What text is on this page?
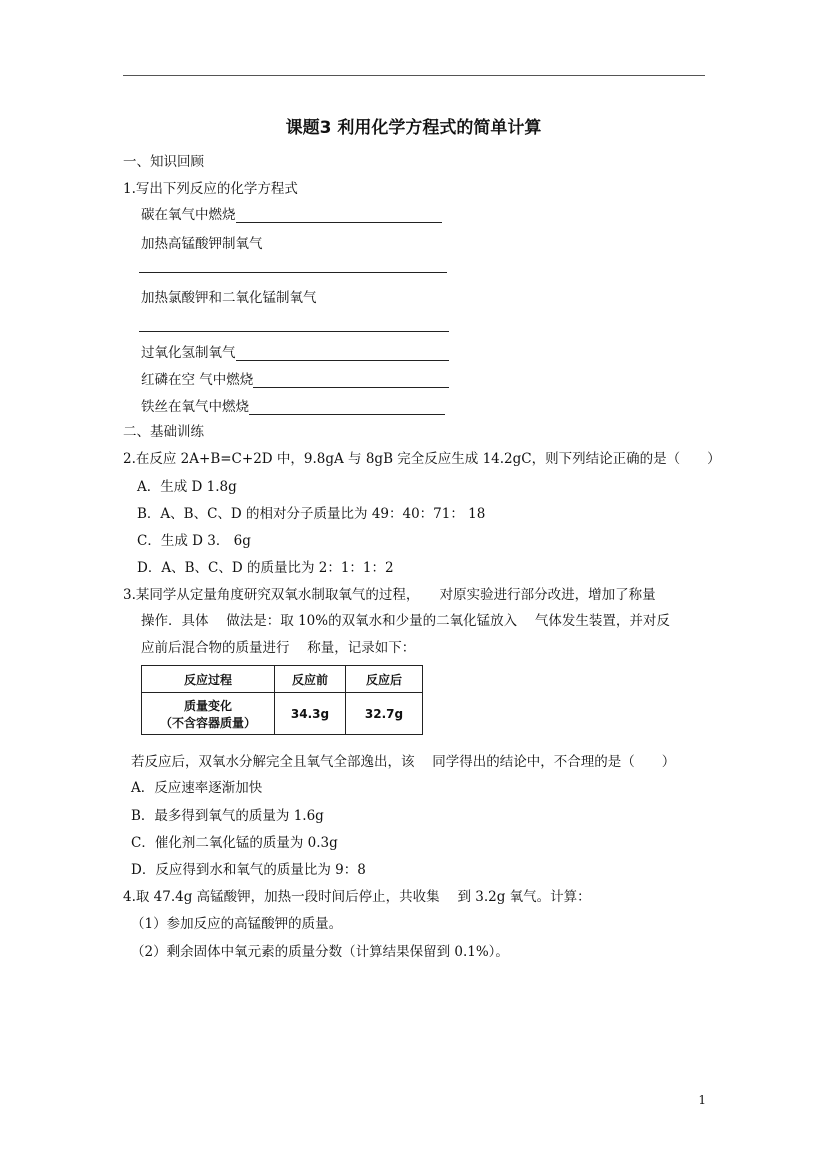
课题3 利用化学方程式的简单计算
一、知识回顾
1.写出下列反应的化学方程式
碳在氧气中燃烧
加热高锰酸钾制氧气
加热氯酸钾和二氧化锰制氧气
过氧化氢制氧气
红磷在空 气中燃烧
铁丝在氧气中燃烧
二、基础训练
2.在反应 2A+B=C+2D 中，9.8gA 与 8gB 完全反应生成 14.2gC，则下列结论正确的是（　　）
A．生成 D 1.8g
B．A、B、C、D 的相对分子质量比为 49：40：71： 18
C．生成 D 3． 6g
D．A、B、C、D 的质量比为 2：1：1：2
3.某同学从定量角度研究双氧水制取氧气的过程，　　对原实验进行部分改进，增加了称量
操作．具体　 做法是：取 10%的双氧水和少量的二氧化锰放入　 气体发生装置，并对反
应前后混合物的质量进行　 称量，记录如下：
反应过程	反应前	反应后

质量变化
（不含容器质量）	34.3g	32.7g
若反应后，双氧水分解完全且氧气全部逸出，该　 同学得出的结论中，不合理的是（　　）
A．反应速率逐渐加快
B．最多得到氧气的质量为 1.6g
C．催化剂二氧化锰的质量为 0.3g
D．反应得到水和氧气的质量比为 9：8
4.取 47.4g 高锰酸钾，加热一段时间后停止，共收集　 到 3.2g 氧气。计算：
（1）参加反应的高锰酸钾的质量。
（2）剩余固体中氧元素的质量分数（计算结果保留到 0.1%）。
1
